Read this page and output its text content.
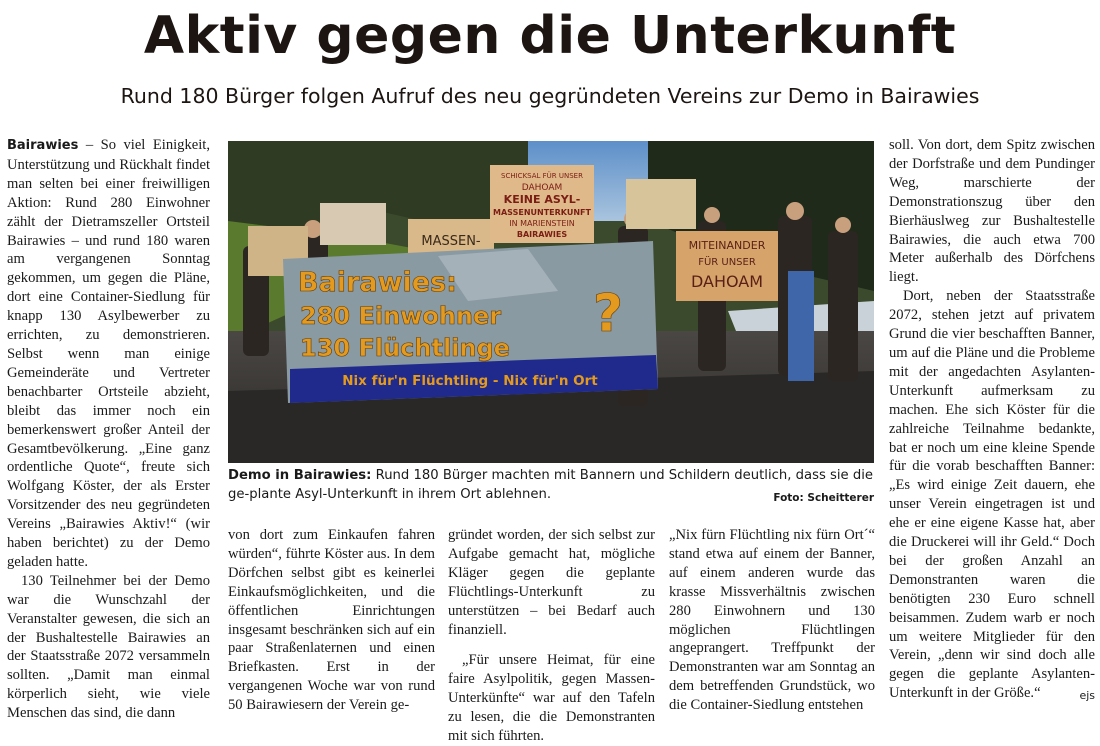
Aktiv gegen die Unterkunft
Rund 180 Bürger folgen Aufruf des neu gegründeten Vereins zur Demo in Bairawies

Bairawies – So viel Einigkeit, Unterstützung und Rückhalt findet man selten bei einer freiwilligen Aktion: Rund 280 Einwohner zählt der Dietramszeller Ortsteil Bairawies – und rund 180 waren am vergangenen Sonntag gekommen, um gegen die Pläne, dort eine Container-Siedlung für knapp 130 Asylbewerber zu errichten, zu demonstrieren. Selbst wenn man einige Gemeinderäte und Vertreter benachbarter Ortsteile abzieht, bleibt das immer noch ein bemerkenswert großer Anteil der Gesamtbevölkerung. „Eine ganz ordentliche Quote“, freute sich Wolfgang Köster, der als Erster Vorsitzender des neu gegründeten Vereins „Bairawies Aktiv!“ (wir haben berichtet) zu der Demo geladen hatte.

130 Teilnehmer bei der Demo war die Wunschzahl der Veranstalter gewesen, die sich an der Bushaltestelle Bairawies an der Staatsstraße 2072 versammeln sollten. „Damit man einmal körperlich sieht, wie viele Menschen das sind, die dann

MASSEN-
SCHICKSAL FÜR UNSER
DAHOAM
KEINE ASYL-
MASSENUNTERKUNFT
IN MARIENSTEIN
BAIRAWIES
MITEINANDER
FÜR UNSER
DAHOAM
Bairawies:
280 Einwohner
130 Flüchtlinge
?
Nix für'n Flüchtling - Nix für'n Ort
Demo in Bairawies: Rund 180 Bürger machten mit Bannern und Schildern deutlich, dass sie die ge-plante Asyl-Unterkunft in ihrem Ort ablehnen.	Foto: Scheitterer

von dort zum Einkaufen fahren würden“, führte Köster aus. In dem Dörfchen selbst gibt es keinerlei Einkaufsmöglichkeiten, und die öffentlichen Einrichtungen insgesamt beschränken sich auf ein paar Straßenlaternen und einen Briefkasten. Erst in der vergangenen Woche war von rund 50 Bairawiesern der Verein ge-

gründet worden, der sich selbst zur Aufgabe gemacht hat, mögliche Kläger gegen die geplante Flüchtlings-Unterkunft zu unterstützen – bei Bedarf auch finanziell.

„Für unsere Heimat, für eine faire Asylpolitik, gegen Massen-Unterkünfte“ war auf den Tafeln zu lesen, die die Demonstranten mit sich führten.

„Nix fürn Flüchtling nix fürn Ort´“ stand etwa auf einem der Banner, auf einem anderen wurde das krasse Missverhältnis zwischen 280 Einwohnern und 130 möglichen Flüchtlingen angeprangert. Treffpunkt der Demonstranten war am Sonntag an dem betreffenden Grundstück, wo die Container-Siedlung entstehen

soll. Von dort, dem Spitz zwischen der Dorfstraße und dem Pundinger Weg, marschierte der Demonstrationszug über den Bierhäuslweg zur Bushaltestelle Bairawies, die auch etwa 700 Meter außerhalb des Dörfchens liegt.

Dort, neben der Staatsstraße 2072, stehen jetzt auf privatem Grund die vier beschafften Banner, um auf die Pläne und die Probleme mit der angedachten Asylanten-Unterkunft aufmerksam zu machen. Ehe sich Köster für die zahlreiche Teilnahme bedankte, bat er noch um eine kleine Spende für die vorab beschafften Banner: „Es wird einige Zeit dauern, ehe unser Verein eingetragen ist und ehe er eine eigene Kasse hat, aber die Druckerei will ihr Geld.“ Doch bei der großen Anzahl an Demonstranten waren die benötigten 230 Euro schnell beisammen. Zudem warb er noch um weitere Mitglieder für den Verein, „denn wir sind doch alle gegen die geplante Asylanten-Unterkunft in der Größe.“	ejs
